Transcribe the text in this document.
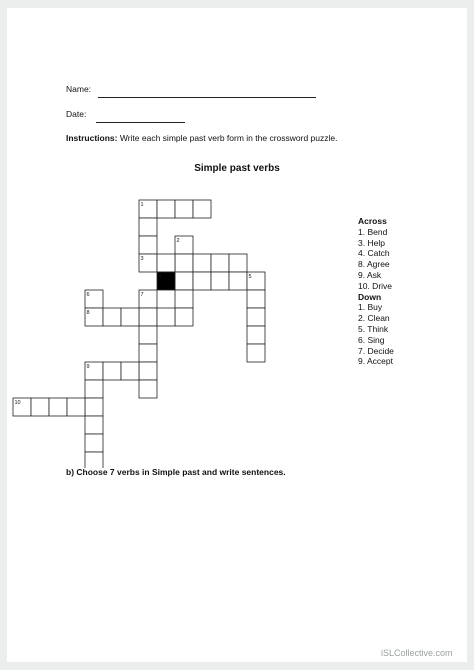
Name:
Date:
Instructions: Write each simple past verb form in the crossword puzzle.
Simple past verbs
1
2
3
4	5
6	7
8
9
10
Across
1. Bend
3. Help
4. Catch
8. Agree
9. Ask
10. Drive
Down
1. Buy
2. Clean
5. Think
6. Sing
7. Decide
9. Accept
b) Choose 7 verbs in Simple past and write sentences.
iSLCollective.com
